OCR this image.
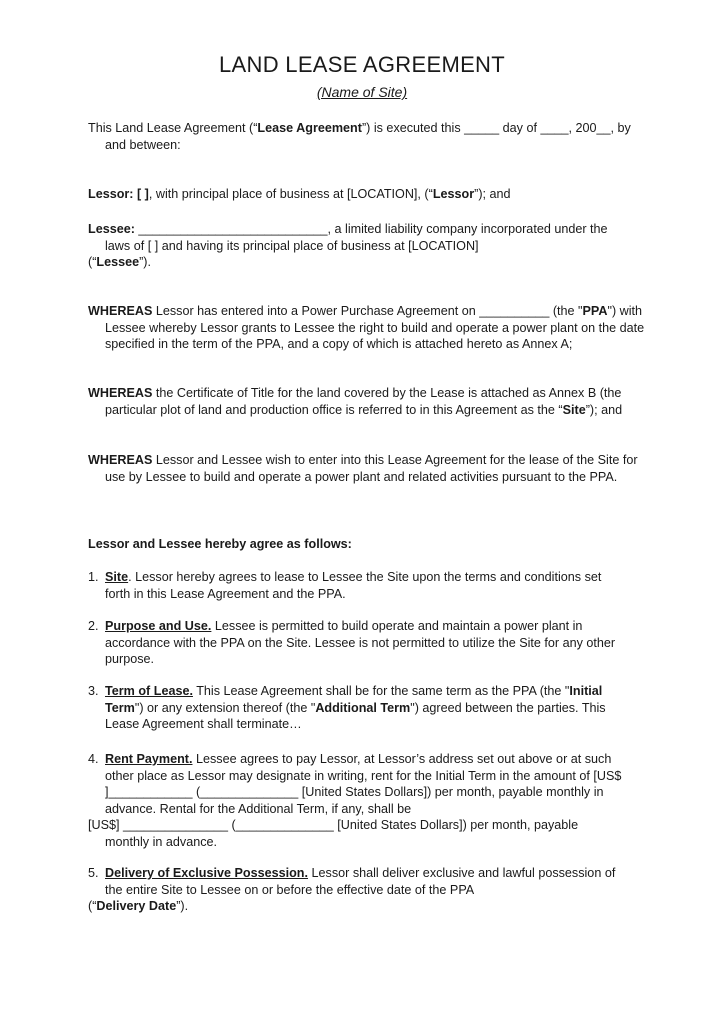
LAND LEASE AGREEMENT

(Name of Site)

This Land Lease Agreement (“Lease Agreement”) is executed this _____ day of ____, 200__, by and between:

Lessor: [ ], with principal place of business at [LOCATION], (“Lessor”); and

Lessee: ___________________________, a limited liability company incorporated under the laws of [ ] and having its principal place of business at [LOCATION]

(“Lessee”).

WHEREAS Lessor has entered into a Power Purchase Agreement on __________ (the "PPA") with Lessee whereby Lessor grants to Lessee the right to build and operate a power plant on the date specified in the term of the PPA, and a copy of which is attached hereto as Annex A;

WHEREAS the Certificate of Title for the land covered by the Lease is attached as Annex B (the particular plot of land and production office is referred to in this Agreement as the “Site”); and

WHEREAS Lessor and Lessee wish to enter into this Lease Agreement for the lease of the Site for use by Lessee to build and operate a power plant and related activities pursuant to the PPA.

Lessor and Lessee hereby agree as follows:

1. Site. Lessor hereby agrees to lease to Lessee the Site upon the terms and conditions set forth in this Lease Agreement and the PPA.

2. Purpose and Use. Lessee is permitted to build operate and maintain a power plant in accordance with the PPA on the Site. Lessee is not permitted to utilize the Site for any other purpose.

3. Term of Lease. This Lease Agreement shall be for the same term as the PPA (the "Initial Term") or any extension thereof (the "Additional Term") agreed between the parties. This Lease Agreement shall terminate…

4. Rent Payment. Lessee agrees to pay Lessor, at Lessor’s address set out above or at such other place as Lessor may designate in writing, rent for the Initial Term in the amount of [US$ ]____________ (______________ [United States Dollars]) per month, payable monthly in advance. Rental for the Additional Term, if any, shall be

[US$] _______________ (______________ [United States Dollars]) per month, payable

monthly in advance.

5. Delivery of Exclusive Possession. Lessor shall deliver exclusive and lawful possession of the entire Site to Lessee on or before the effective date of the PPA

(“Delivery Date”).
